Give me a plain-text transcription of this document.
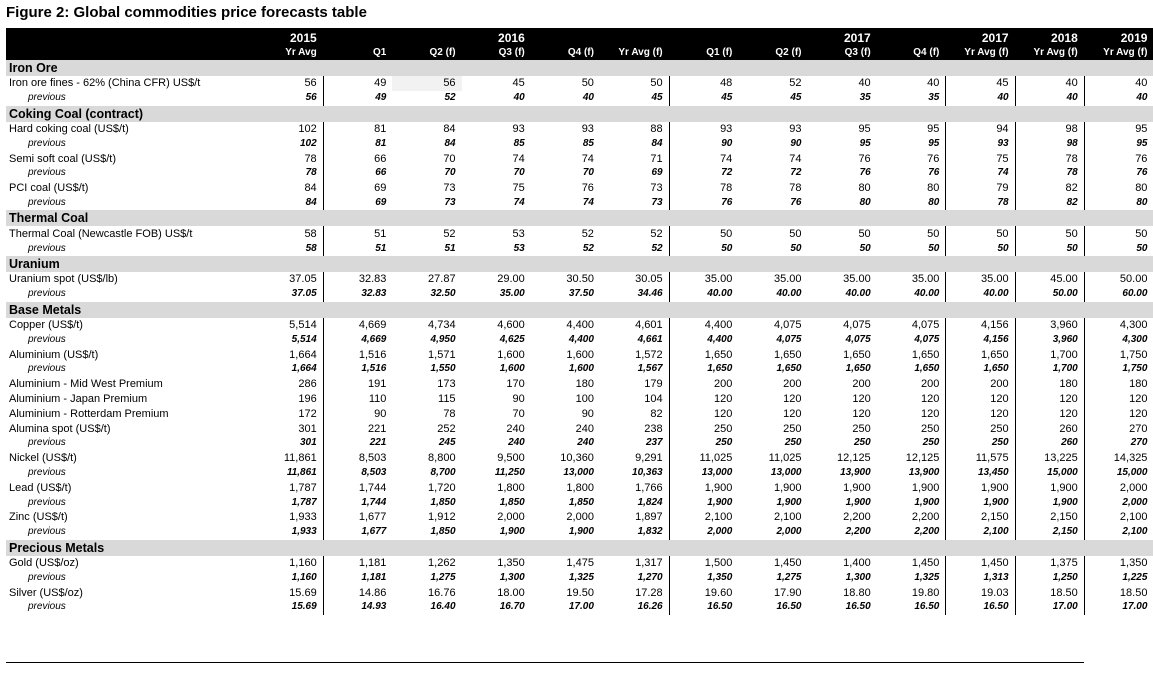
Figure 2: Global commodities price forecasts table
	2015			2016					2017		2017	2018	2019
	Yr Avg	Q1	Q2 (f)	Q3 (f)	Q4 (f)	Yr Avg (f)	Q1 (f)	Q2 (f)	Q3 (f)	Q4 (f)	Yr Avg (f)	Yr Avg (f)	Yr Avg (f)
Iron Ore													
Iron ore fines - 62% (China CFR) US$/t	56	49	56	45	50	50	48	52	40	40	45	40	40
previous	56	49	52	40	40	45	45	45	35	35	40	40	40
Coking Coal (contract)													
Hard coking coal (US$/t)	102	81	84	93	93	88	93	93	95	95	94	98	95
previous	102	81	84	85	85	84	90	90	95	95	93	98	95
Semi soft coal (US$/t)	78	66	70	74	74	71	74	74	76	76	75	78	76
previous	78	66	70	70	70	69	72	72	76	76	74	78	76
PCI coal (US$/t)	84	69	73	75	76	73	78	78	80	80	79	82	80
previous	84	69	73	74	74	73	76	76	80	80	78	82	80
Thermal Coal													
Thermal Coal (Newcastle FOB) US$/t	58	51	52	53	52	52	50	50	50	50	50	50	50
previous	58	51	51	53	52	52	50	50	50	50	50	50	50
Uranium													
Uranium spot (US$/lb)	37.05	32.83	27.87	29.00	30.50	30.05	35.00	35.00	35.00	35.00	35.00	45.00	50.00
previous	37.05	32.83	32.50	35.00	37.50	34.46	40.00	40.00	40.00	40.00	40.00	50.00	60.00
Base Metals													
Copper (US$/t)	5,514	4,669	4,734	4,600	4,400	4,601	4,400	4,075	4,075	4,075	4,156	3,960	4,300
previous	5,514	4,669	4,950	4,625	4,400	4,661	4,400	4,075	4,075	4,075	4,156	3,960	4,300
Aluminium (US$/t)	1,664	1,516	1,571	1,600	1,600	1,572	1,650	1,650	1,650	1,650	1,650	1,700	1,750
previous	1,664	1,516	1,550	1,600	1,600	1,567	1,650	1,650	1,650	1,650	1,650	1,700	1,750
Aluminium - Mid West Premium	286	191	173	170	180	179	200	200	200	200	200	180	180
Aluminium - Japan Premium	196	110	115	90	100	104	120	120	120	120	120	120	120
Aluminium - Rotterdam Premium	172	90	78	70	90	82	120	120	120	120	120	120	120
Alumina spot (US$/t)	301	221	252	240	240	238	250	250	250	250	250	260	270
previous	301	221	245	240	240	237	250	250	250	250	250	260	270
Nickel (US$/t)	11,861	8,503	8,800	9,500	10,360	9,291	11,025	11,025	12,125	12,125	11,575	13,225	14,325
previous	11,861	8,503	8,700	11,250	13,000	10,363	13,000	13,000	13,900	13,900	13,450	15,000	15,000
Lead (US$/t)	1,787	1,744	1,720	1,800	1,800	1,766	1,900	1,900	1,900	1,900	1,900	1,900	2,000
previous	1,787	1,744	1,850	1,850	1,850	1,824	1,900	1,900	1,900	1,900	1,900	1,900	2,000
Zinc (US$/t)	1,933	1,677	1,912	2,000	2,000	1,897	2,100	2,100	2,200	2,200	2,150	2,150	2,100
previous	1,933	1,677	1,850	1,900	1,900	1,832	2,000	2,000	2,200	2,200	2,100	2,150	2,100
Precious Metals													
Gold (US$/oz)	1,160	1,181	1,262	1,350	1,475	1,317	1,500	1,450	1,400	1,450	1,450	1,375	1,350
previous	1,160	1,181	1,275	1,300	1,325	1,270	1,350	1,275	1,300	1,325	1,313	1,250	1,225
Silver (US$/oz)	15.69	14.86	16.76	18.00	19.50	17.28	19.60	17.90	18.80	19.80	19.03	18.50	18.50
previous	15.69	14.93	16.40	16.70	17.00	16.26	16.50	16.50	16.50	16.50	16.50	17.00	17.00
